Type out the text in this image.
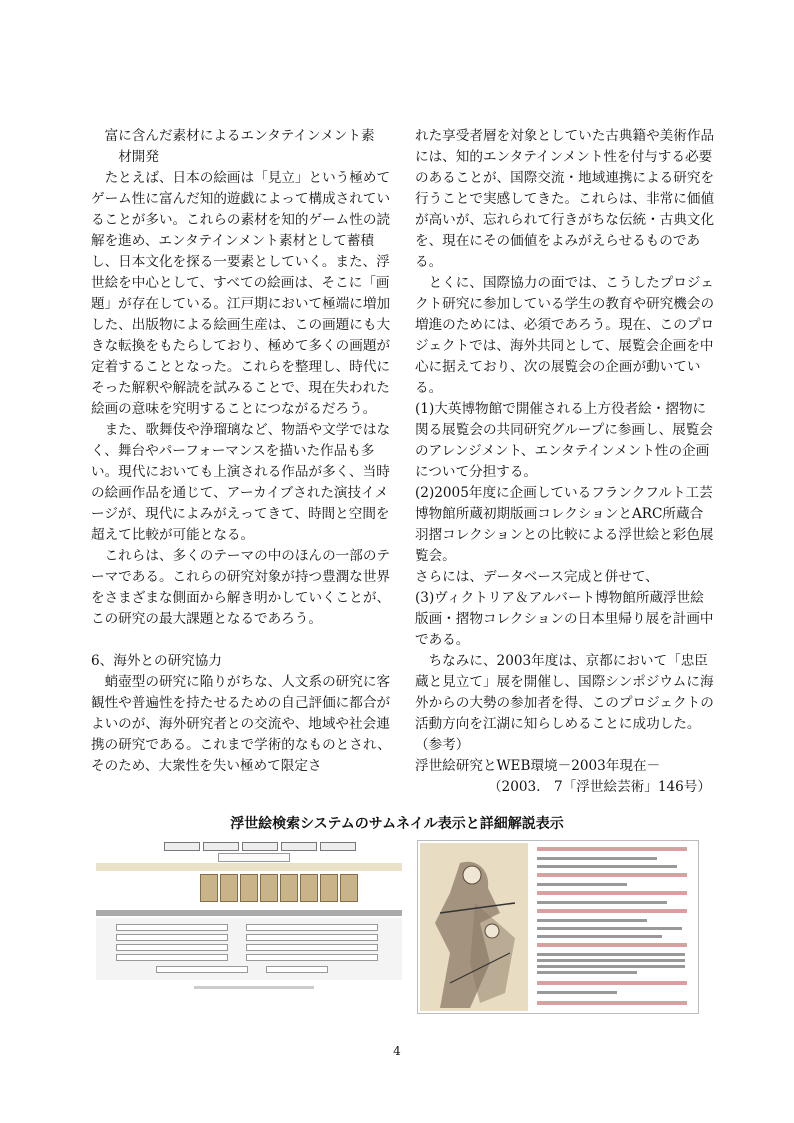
富に含んだ素材によるエンタテインメント素
材開発

たとえば、日本の絵画は「見立」という極めてゲーム性に富んだ知的遊戯によって構成されていることが多い。これらの素材を知的ゲーム性の読解を進め、エンタテインメント素材として蓄積し、日本文化を探る一要素としていく。また、浮世絵を中心として、すべての絵画は、そこに「画題」が存在している。江戸期において極端に増加した、出版物による絵画生産は、この画題にも大きな転換をもたらしており、極めて多くの画題が定着することとなった。これらを整理し、時代にそった解釈や解読を試みることで、現在失われた絵画の意味を究明することにつながるだろう。

また、歌舞伎や浄瑠璃など、物語や文学ではなく、舞台やパーフォーマンスを描いた作品も多い。現代においても上演される作品が多く、当時の絵画作品を通じて、アーカイブされた演技イメージが、現代によみがえってきて、時間と空間を超えて比較が可能となる。

これらは、多くのテーマの中のほんの一部のテーマである。これらの研究対象が持つ豊潤な世界をさまざまな側面から解き明かしていくことが、この研究の最大課題となるであろう。

6、海外との研究協力

蛸壺型の研究に陥りがちな、人文系の研究に客観性や普遍性を持たせるための自己評価に都合がよいのが、海外研究者との交流や、地域や社会連携の研究である。これまで学術的なものとされ、そのため、大衆性を失い極めて限定さ

れた享受者層を対象としていた古典籍や美術作品には、知的エンタテインメント性を付与する必要のあることが、国際交流・地域連携による研究を行うことで実感してきた。これらは、非常に価値が高いが、忘れられて行きがちな伝統・古典文化を、現在にその価値をよみがえらせるものである。

とくに、国際協力の面では、こうしたプロジェクト研究に参加している学生の教育や研究機会の増進のためには、必須であろう。現在、このプロジェクトでは、海外共同として、展覧会企画を中心に据えており、次の展覧会の企画が動いている。

(1)大英博物館で開催される上方役者絵・摺物に関る展覧会の共同研究グループに参画し、展覧会のアレンジメント、エンタテインメント性の企画について分担する。

(2)2005年度に企画しているフランクフルト工芸博物館所蔵初期版画コレクションとARC所蔵合羽摺コレクションとの比較による浮世絵と彩色展覧会。

さらには、データベース完成と併せて、

(3)ヴィクトリア＆アルバート博物館所蔵浮世絵版画・摺物コレクションの日本里帰り展を計画中である。

ちなみに、2003年度は、京都において「忠臣蔵と見立て」展を開催し、国際シンポジウムに海外からの大勢の参加者を得、このプロジェクトの活動方向を江湖に知らしめることに成功した。

（参考）

浮世絵研究とWEB環境－2003年現在－

（2003.　7「浮世絵芸術」146号）

浮世絵検索システムのサムネイル表示と詳細解説表示
4
